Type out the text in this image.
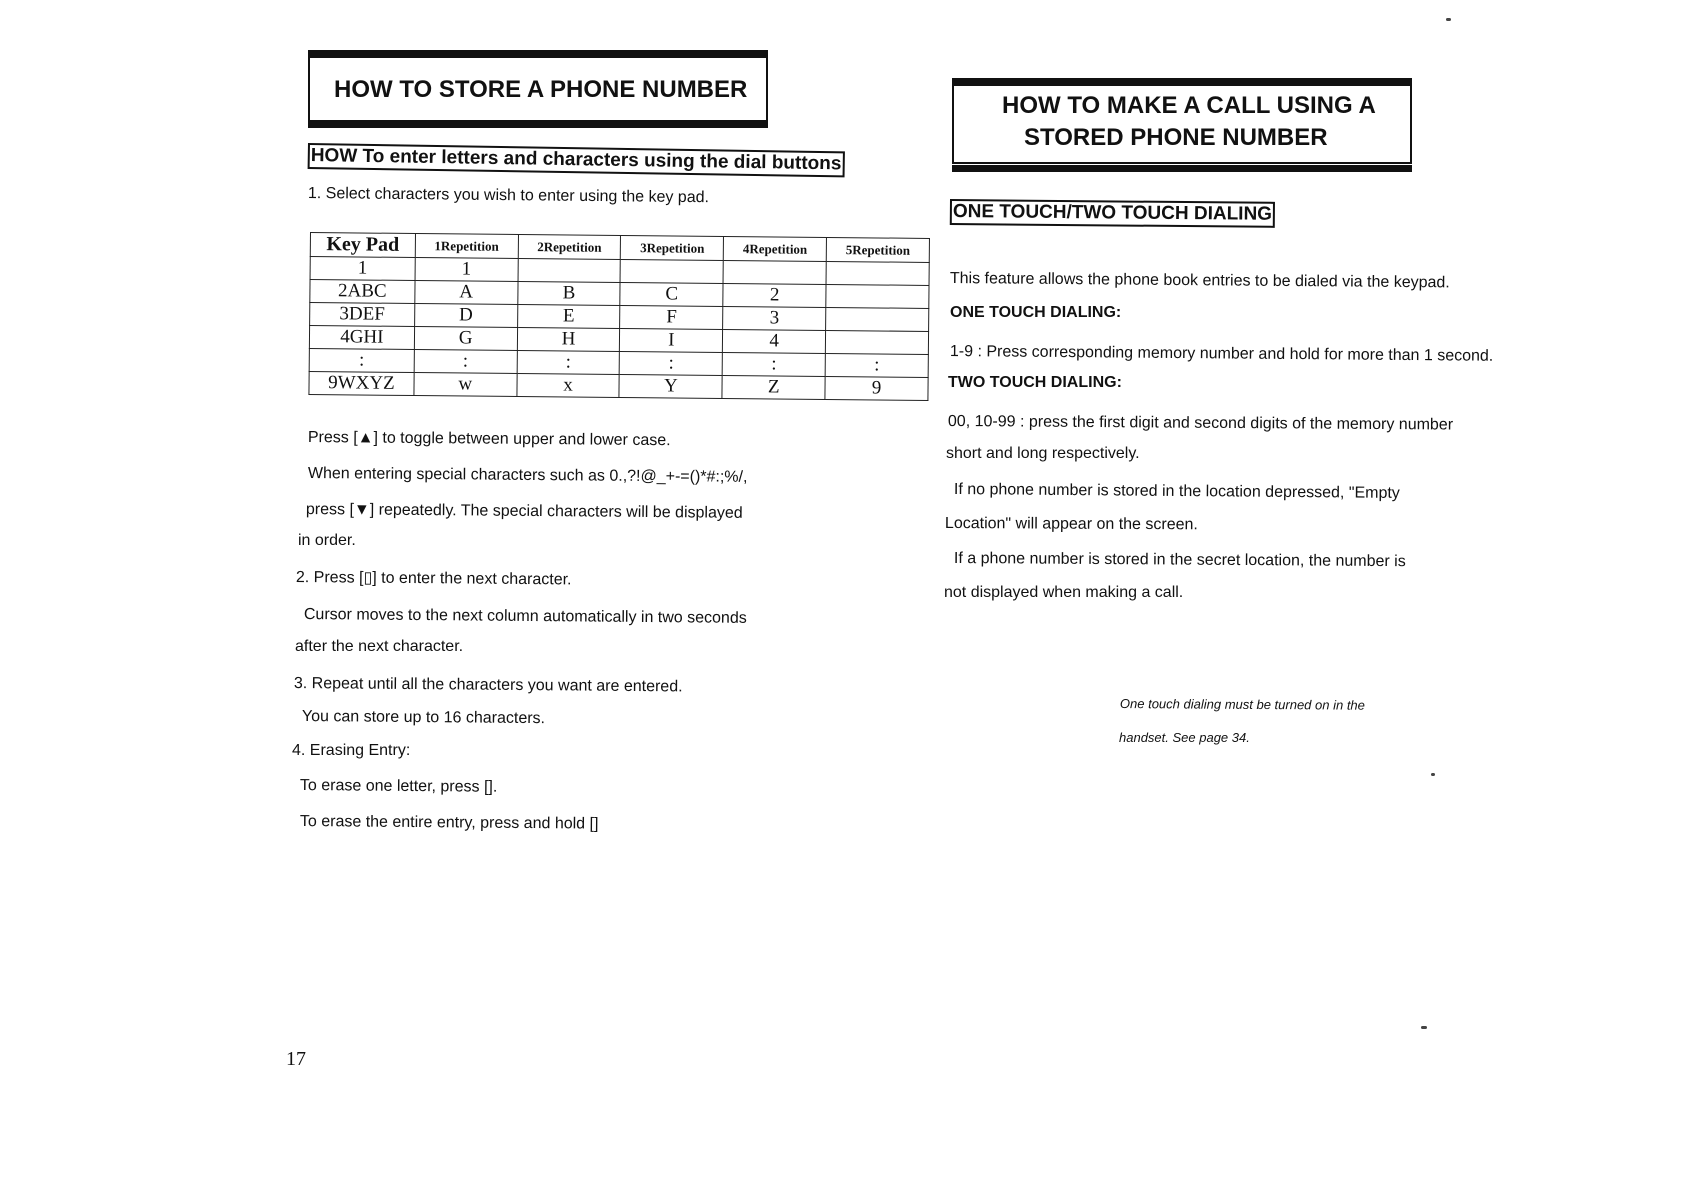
HOW TO STORE A PHONE NUMBER
HOW To enter letters and characters using the dial buttons
1. Select characters you wish to enter using the key pad.
Key Pad	1Repetition	2Repetition	3Repetition	4Repetition	5Repetition
1	1				
2ABC	A	B	C	2	
3DEF	D	E	F	3	
4GHI	G	H	I	4	
:	:	:	:	:	:
9WXYZ	w	x	Y	Z	9
Press [▲] to toggle between upper and lower case.
When entering special characters such as 0.,?!@_+-=()*#:;%/,
press [▼] repeatedly. The special characters will be displayed
in order.
2. Press [▯] to enter the next character.
Cursor moves to the next column automatically in two seconds
after the next character.
3. Repeat until all the characters you want are entered.
You can store up to 16 characters.
4. Erasing Entry:
To erase one letter, press [].
To erase the entire entry, press and hold []
17
HOW TO MAKE A CALL USING A
STORED PHONE NUMBER
ONE TOUCH/TWO TOUCH DIALING
This feature allows the phone book entries to be dialed via the keypad.
ONE TOUCH DIALING:
1-9 : Press corresponding memory number and hold for more than 1 second.
TWO TOUCH DIALING:
00, 10-99 : press the first digit and second digits of the memory number
short and long respectively.
If no phone number is stored in the location depressed, "Empty
Location" will appear on the screen.
If a phone number is stored in the secret location, the number is
not displayed when making a call.
One touch dialing must be turned on in the
handset. See page 34.
